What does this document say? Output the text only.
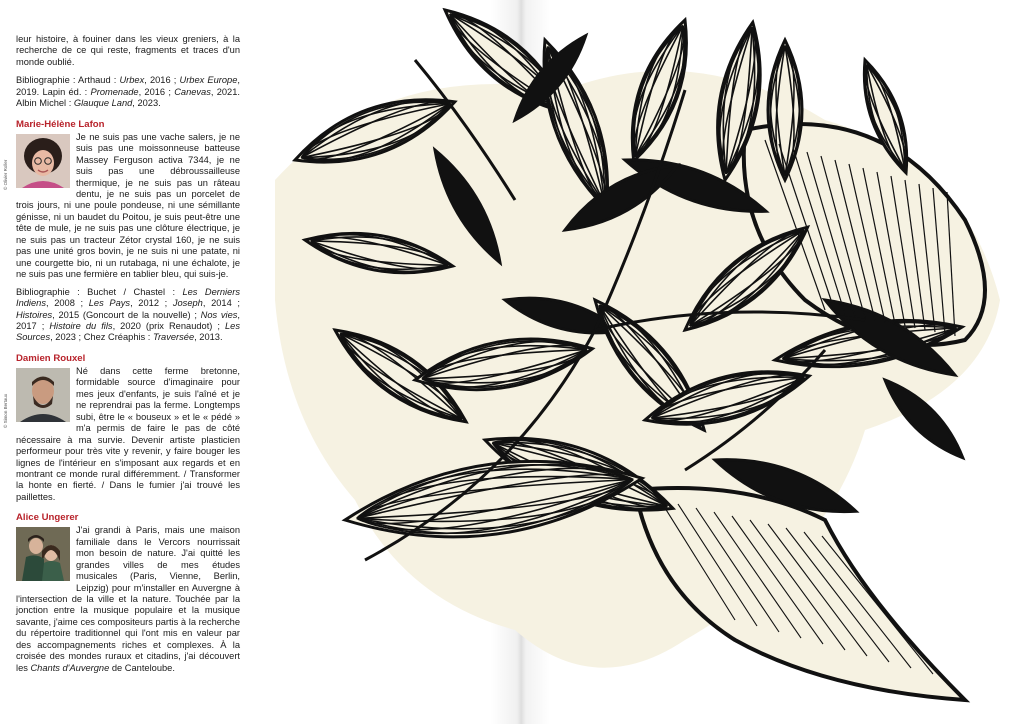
leur histoire, à fouiner dans les vieux greniers, à la recherche de ce qui reste, fragments et traces d'un monde oublié.

Bibliographie : Arthaud : Urbex, 2016 ; Urbex Europe, 2019. Lapin éd. : Promenade, 2016 ; Canevas, 2021. Albin Michel : Glauque Land, 2023.

Marie-Hélène Lafon

Je ne suis pas une vache salers, je ne suis pas une moissonneuse batteuse Massey Ferguson activa 7344, je ne suis pas une débroussailleuse thermique, je ne suis pas un râteau dentu, je ne suis pas un porcelet de trois jours, ni une poule pondeuse, ni une sémillante génisse, ni un baudet du Poitou, je suis peut-être une tête de mule, je ne suis pas une clôture électrique, je ne suis pas un tracteur Zétor crystal 160, je ne suis pas une unité gros bovin, je ne suis ni une patate, ni une courgette bio, ni un rutabaga, ni une échalote, je ne suis pas une fermière en tablier bleu, qui suis-je.

Bibliographie : Buchet / Chastel : Les Derniers Indiens, 2008 ; Les Pays, 2012 ; Joseph, 2014 ; Histoires, 2015 (Goncourt de la nouvelle) ; Nos vies, 2017 ; Histoire du fils, 2020 (prix Renaudot) ; Les Sources, 2023 ; Chez Créaphis : Traversée, 2013.

Damien Rouxel

Né dans cette ferme bretonne, formidable source d'imaginaire pour mes jeux d'enfants, je suis l'aîné et je ne reprendrai pas la ferme. Longtemps subi, être le « bouseux » et le « pédé » m'a permis de faire le pas de côté nécessaire à ma survie. Devenir artiste plasticien performeur pour très vite y revenir, y faire bouger les lignes de l'intérieur en s'imposant aux regards et en montrant ce monde rural différemment. / Transformer la honte en fierté. / Dans le fumier j'ai trouvé les paillettes.

Alice Ungerer

J'ai grandi à Paris, mais une maison familiale dans le Vercors nourrissait mon besoin de nature. J'ai quitté les grandes villes de mes études musicales (Paris, Vienne, Berlin, Leipzig) pour m'installer en Auvergne à l'intersection de la ville et la nature. Touchée par la jonction entre la musique populaire et la musique savante, j'aime ces compositeurs partis à la recherche du répertoire traditionnel qui l'ont mis en valeur par des accompagnements riches et complexes. À la croisée des mondes ruraux et citadins, j'ai découvert les Chants d'Auvergne de Canteloube.

© Olivier Roller
© Simon Bertaux
